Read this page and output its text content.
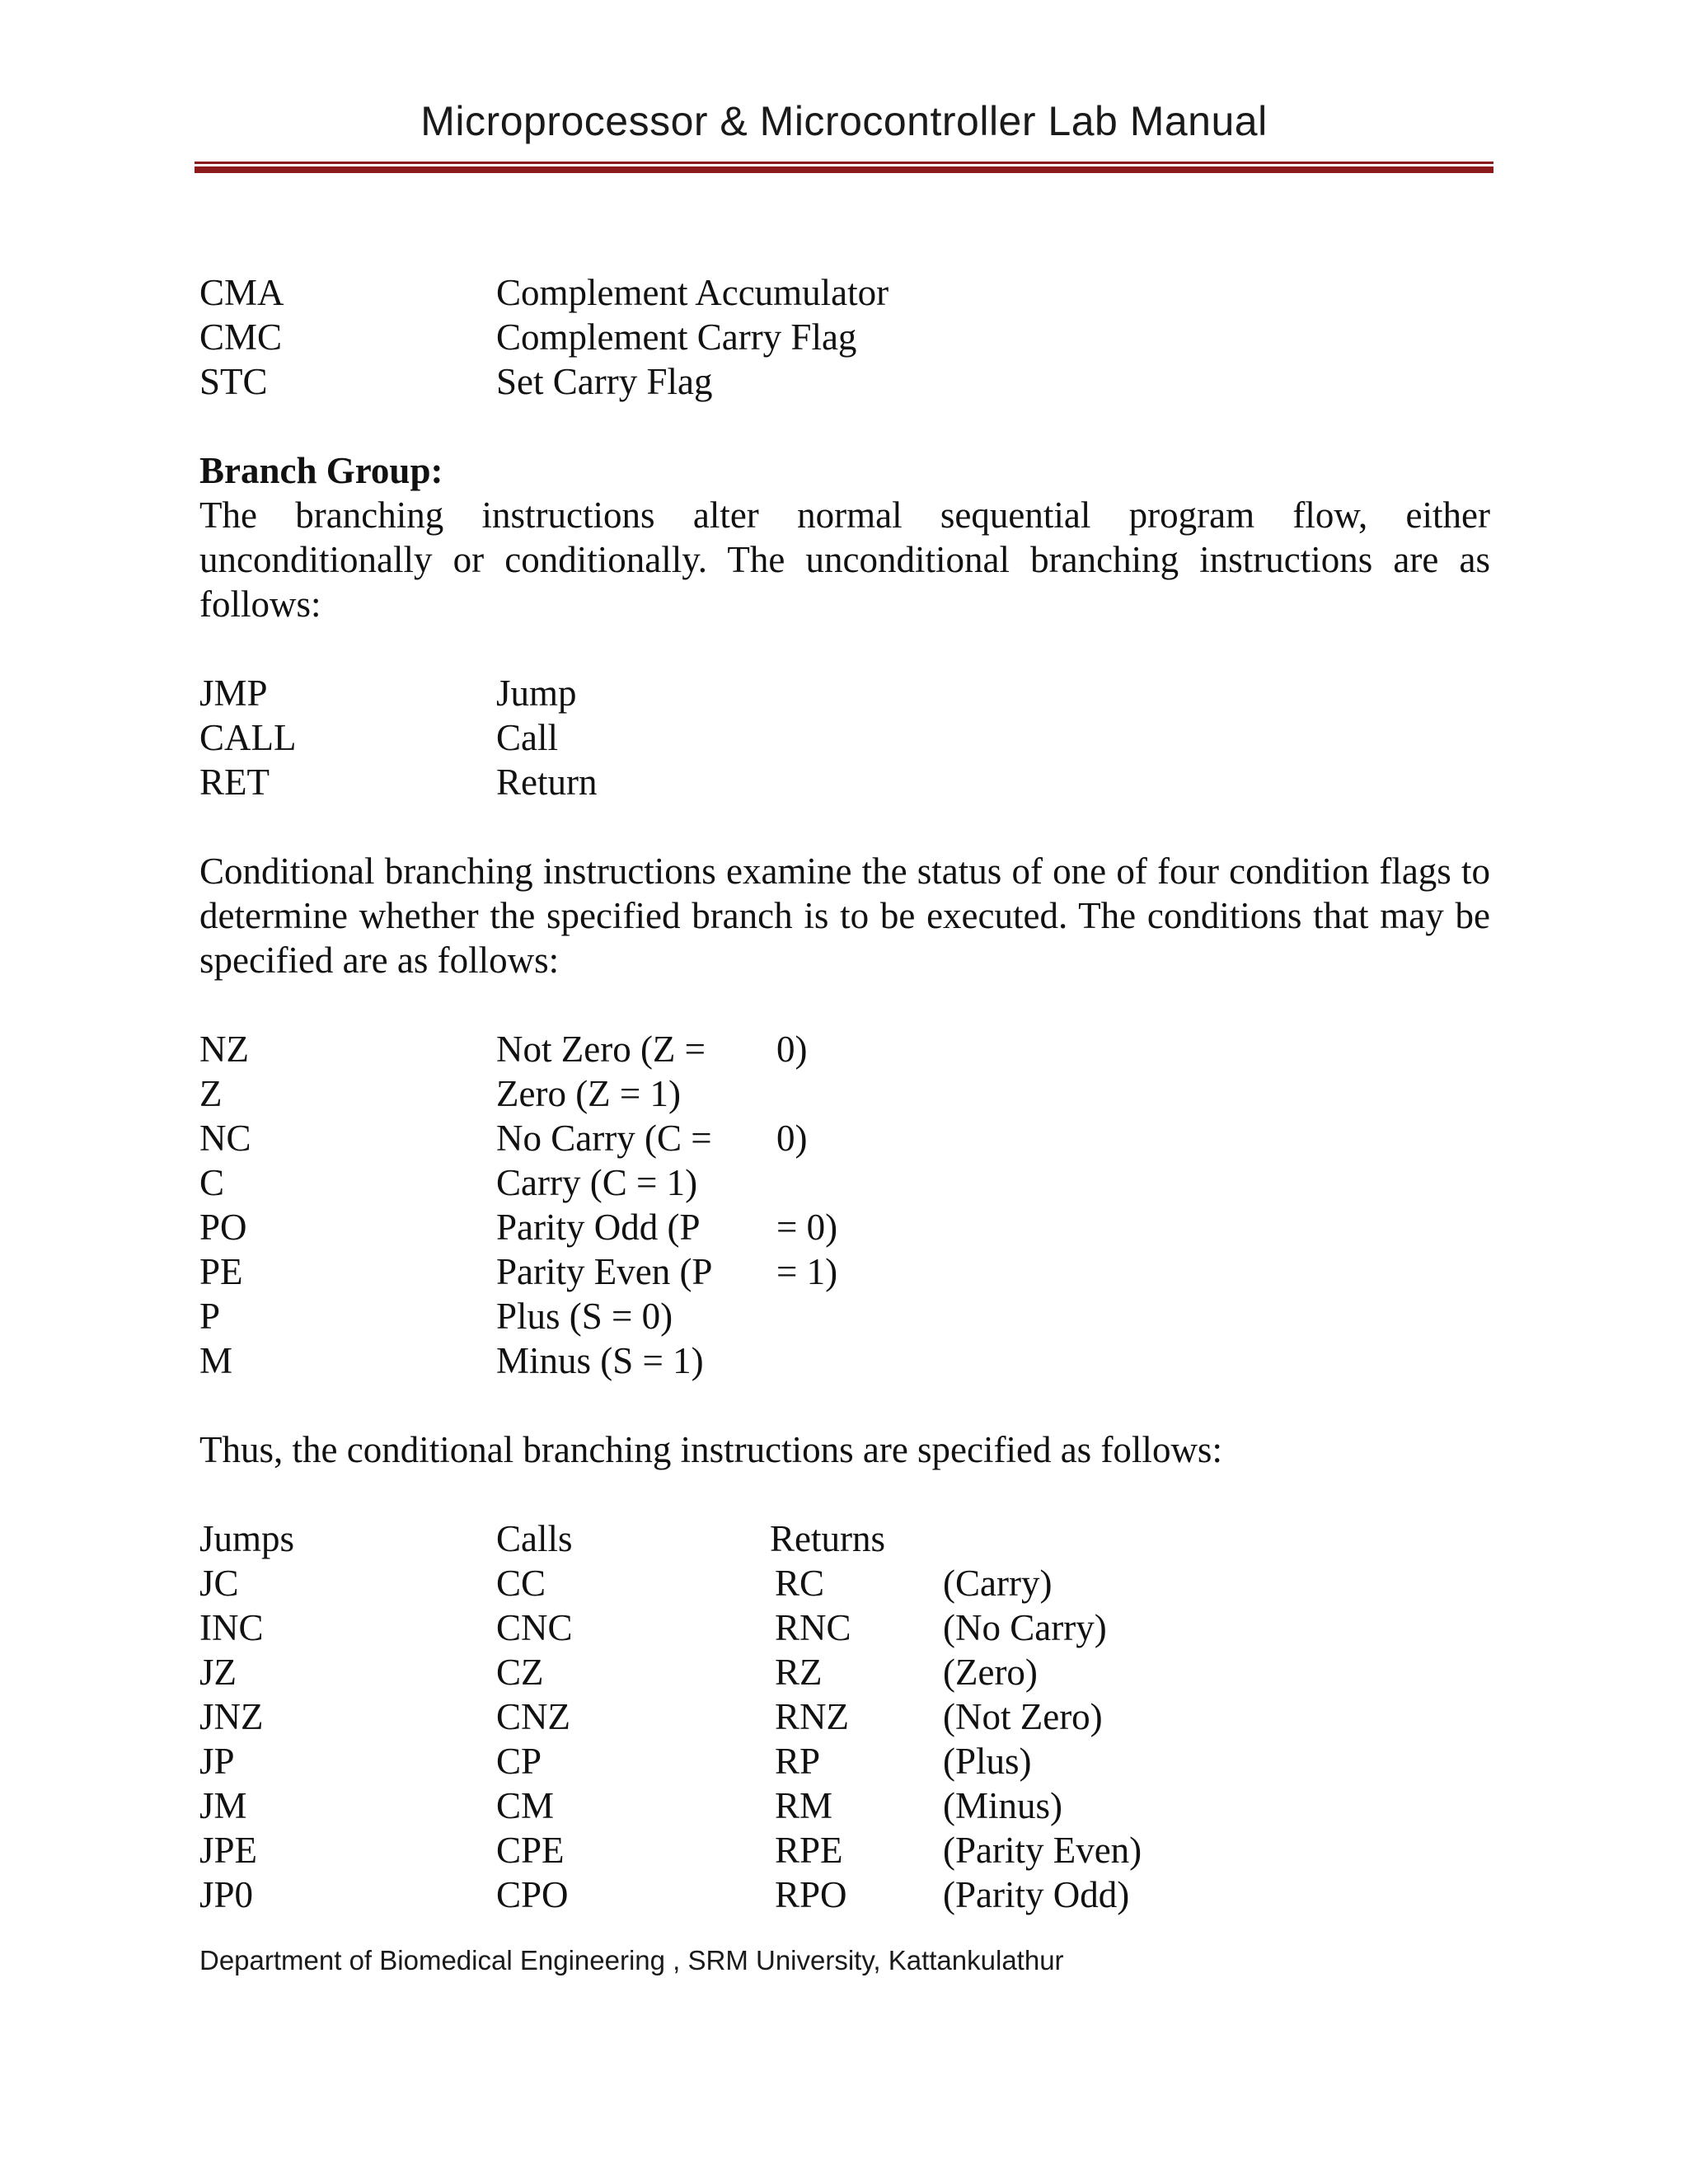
Microprocessor & Microcontroller Lab Manual
CMA	Complement Accumulator
CMC	Complement Carry Flag
STC	Set Carry Flag
Branch Group:
The branching instructions alter normal sequential program flow, either unconditionally or conditionally. The unconditional branching instructions are as follows:
JMP	Jump
CALL	Call
RET	Return
Conditional branching instructions examine the status of one of four condition flags to determine whether the specified branch is to be executed. The conditions that may be specified are as follows:
NZ	Not Zero (Z = 0)
Z	Zero (Z = 1)
NC	No Carry (C = 0)
C	Carry (C = 1)
PO	Parity Odd (P = 0)
PE	Parity Even (P = 1)
P	Plus (S = 0)
M	Minus (S = 1)
Thus, the conditional branching instructions are specified as follows:
Jumps	Calls	Returns
JC	CC	RC	(Carry)
INC	CNC	RNC (No Carry)
JZ	CZ	RZ	(Zero)
JNZ	CNZ	RNZ	(Not Zero)
JP	CP	RP	(Plus)
JM	CM	RM	(Minus)
JPE	CPE	RPE	(Parity Even)
JP0	CPO	RPO	(Parity Odd)
Department of Biomedical Engineering , SRM University, Kattankulathur
